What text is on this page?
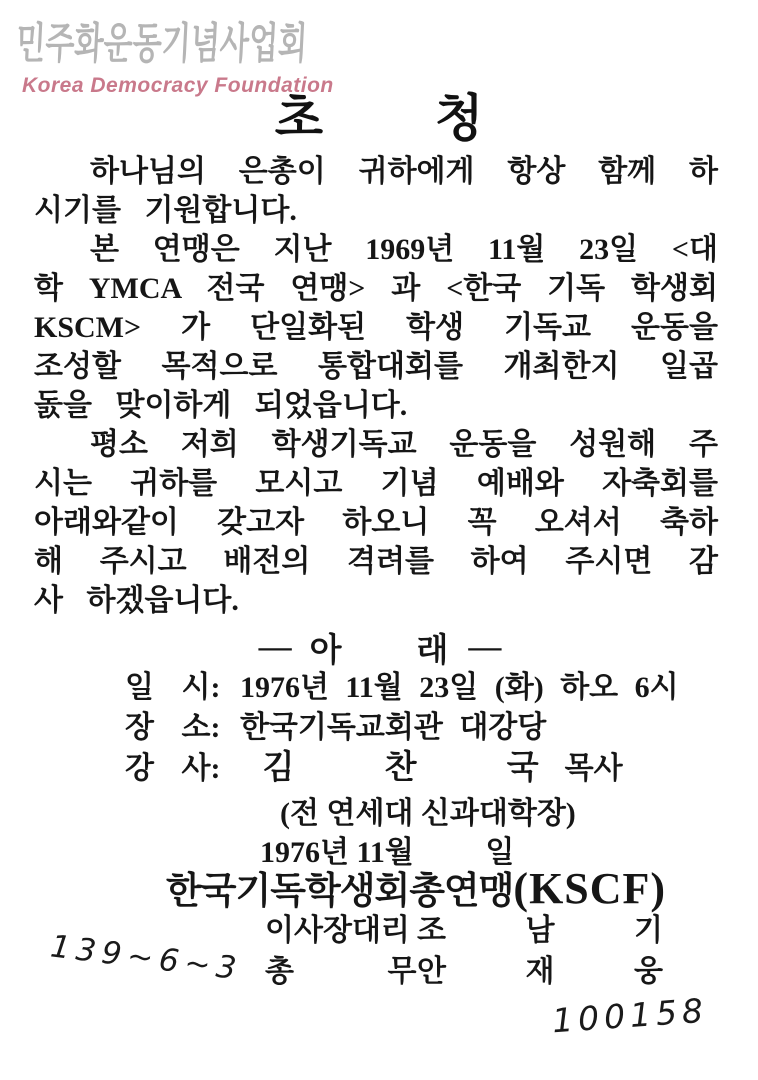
민주화운동기념사업회
Korea Democracy Foundation
초 청
하나님의 은총이 귀하에게 항상 함께 하
시기를 기원합니다.
본 연맹은 지난 1969년 11월 23일 <대
학 YMCA 전국 연맹> 과 <한국 기독 학생회
KSCM> 가 단일화된 학생 기독교 운동을
조성할 목적으로 통합대회를 개최한지 일곱
돐을 맞이하게 되었읍니다.
평소 저희 학생기독교 운동을 성원해 주
시는 귀하를 모시고 기념 예배와 자축회를
아래와같이 갖고자 하오니 꼭 오셔서 축하
해 주시고 배전의 격려를 하여 주시면 감
사 하겠읍니다.
— 아 래 —
일 시: 1976년 11월 23일 (화) 하오 6시
장 소: 한국기독교회관 대강당
강 사: 김 찬 국 목사
(전 연세대 신과대학장)
1976년 11월 일
한국기독학생회총연맹(KSCF)
이사장대리 조 남 기
총 무 안 재 웅
139~6~3
100158
